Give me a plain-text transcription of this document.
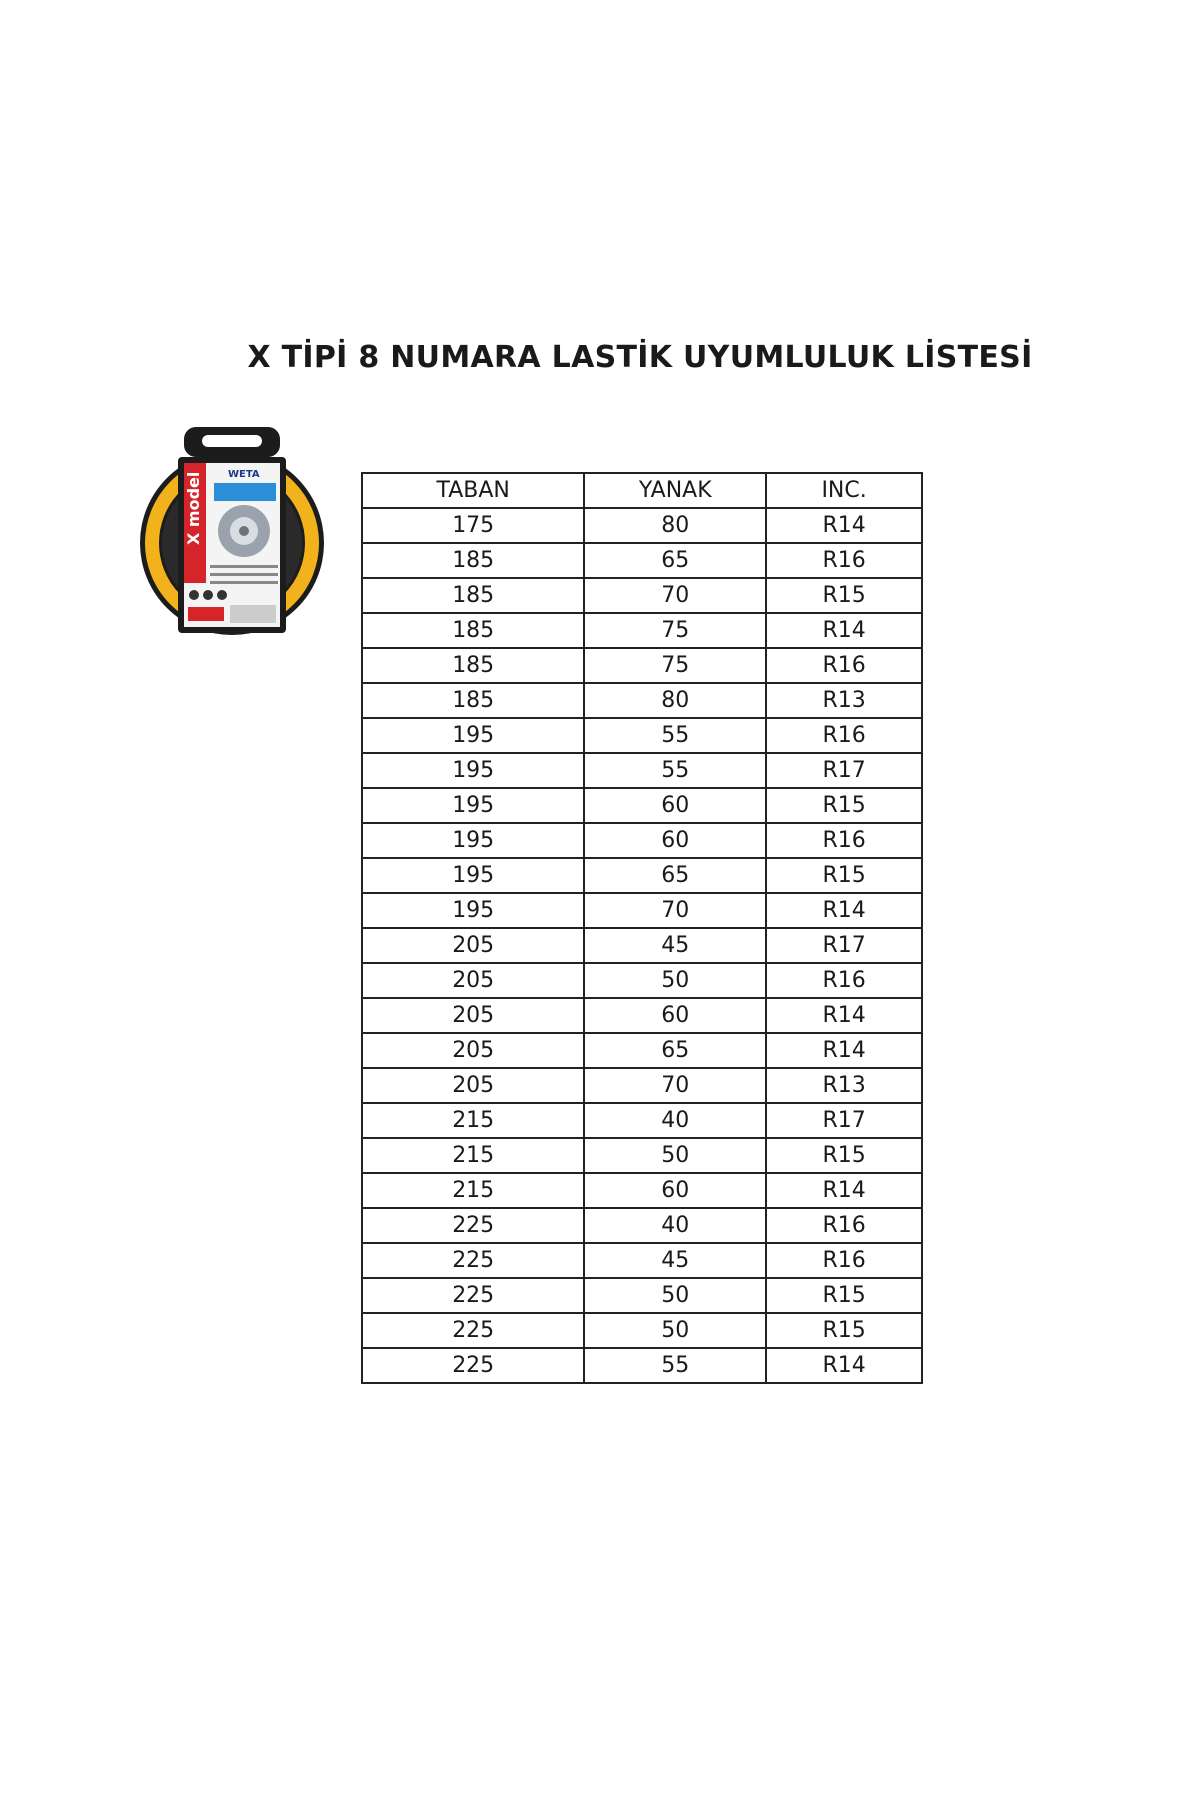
X TİPİ 8 NUMARA LASTİK UYUMLULUK LİSTESİ
X model	WETA
TABAN	YANAK	INC.
175	80	R14
185	65	R16
185	70	R15
185	75	R14
185	75	R16
185	80	R13
195	55	R16
195	55	R17
195	60	R15
195	60	R16
195	65	R15
195	70	R14
205	45	R17
205	50	R16
205	60	R14
205	65	R14
205	70	R13
215	40	R17
215	50	R15
215	60	R14
225	40	R16
225	45	R16
225	50	R15
225	50	R15
225	55	R14
